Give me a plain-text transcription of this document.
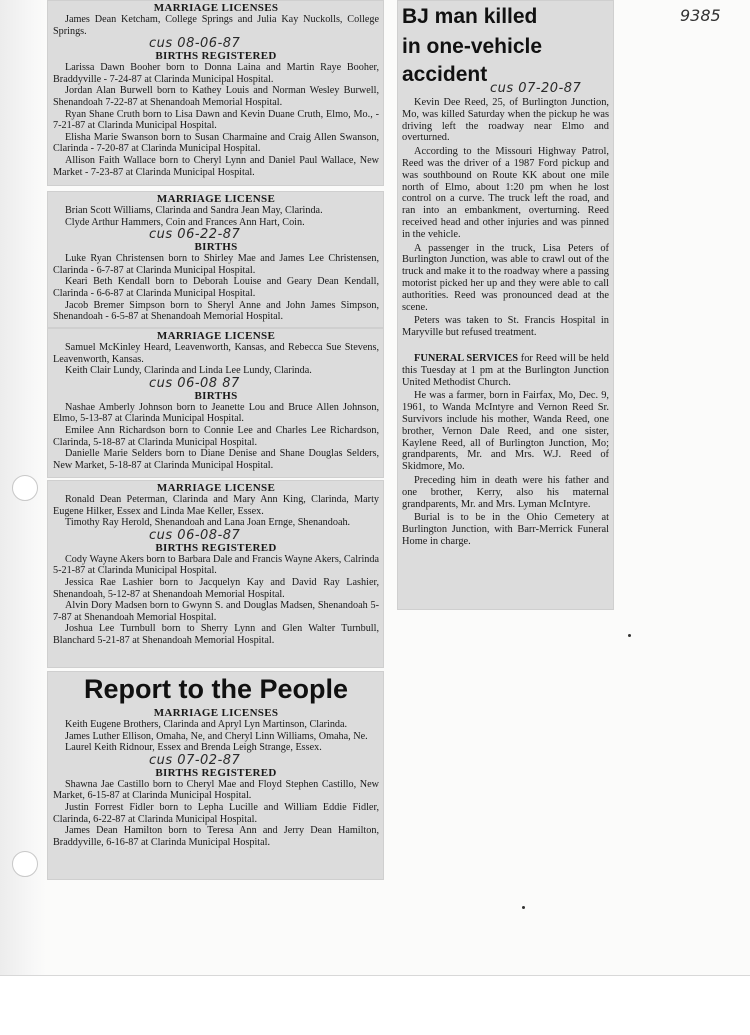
9385

MARRIAGE LICENSES

James Dean Ketcham, College Springs and Julia Kay Nuckolls, College Springs.

cus 08-06-87

BIRTHS REGISTERED

Larissa Dawn Booher born to Donna Laina and Martin Raye Booher, Braddyville - 7-24-87 at Clarinda Municipal Hospital.

Jordan Alan Burwell born to Kathey Louis and Norman Wesley Burwell, Shenandoah 7-22-87 at Shenandoah Memorial Hospital.

Ryan Shane Cruth born to Lisa Dawn and Kevin Duane Cruth, Elmo, Mo., - 7-21-87 at Clarinda Municipal Hospital.

Elisha Marie Swanson born to Susan Charmaine and Craig Allen Swanson, Clarinda - 7-20-87 at Clarinda Municipal Hospital.

Allison Faith Wallace born to Cheryl Lynn and Daniel Paul Wallace, New Market - 7-23-87 at Clarinda Municipal Hospital.

MARRIAGE LICENSE

Brian Scott Williams, Clarinda and Sandra Jean May, Clarinda.

Clyde Arthur Hammers, Coin and Frances Ann Hart, Coin.

cus 06-22-87

BIRTHS

Luke Ryan Christensen born to Shirley Mae and James Lee Christensen, Clarinda - 6-7-87 at Clarinda Municipal Hospital.

Keari Beth Kendall born to Deborah Louise and Geary Dean Kendall, Clarinda - 6-6-87 at Clarinda Municipal Hospital.

Jacob Bremer Simpson born to Sheryl Anne and John James Simpson, Shenandoah - 6-5-87 at Shenandoah Memorial Hospital.

MARRIAGE LICENSE

Samuel McKinley Heard, Leavenworth, Kansas, and Rebecca Sue Stevens, Leavenworth, Kansas.

Keith Clair Lundy, Clarinda and Linda Lee Lundy, Clarinda.

cus 06-08 87

BIRTHS

Nashae Amberly Johnson born to Jeanette Lou and Bruce Allen Johnson, Elmo, 5-13-87 at Clarinda Municipal Hospital.

Emilee Ann Richardson born to Connie Lee and Charles Lee Richardson, Clarinda, 5-18-87 at Clarinda Municipal Hospital.

Danielle Marie Selders born to Diane Denise and Shane Douglas Selders, New Market, 5-18-87 at Clarinda Municipal Hospital.

MARRIAGE LICENSE

Ronald Dean Peterman, Clarinda and Mary Ann King, Clarinda, Marty Eugene Hilker, Essex and Linda Mae Keller, Essex.

Timothy Ray Herold, Shenandoah and Lana Joan Ernge, Shenandoah.

cus 06-08-87

BIRTHS REGISTERED

Cody Wayne Akers born to Barbara Dale and Francis Wayne Akers, Calrinda 5-21-87 at Clarinda Municipal Hospital.

Jessica Rae Lashier born to Jacquelyn Kay and David Ray Lashier, Shenandoah, 5-12-87 at Shenandoah Memorial Hospital.

Alvin Dory Madsen born to Gwynn S. and Douglas Madsen, Shenandoah 5-7-87 at Shenandoah Memorial Hospital.

Joshua Lee Turnbull born to Sherry Lynn and Glen Walter Turnbull, Blanchard 5-21-87 at Shenandoah Memorial Hospital.

Report to the People

MARRIAGE LICENSES

Keith Eugene Brothers, Clarinda and Apryl Lyn Martinson, Clarinda.

James Luther Ellison, Omaha, Ne, and Cheryl Linn Williams, Omaha, Ne.

Laurel Keith Ridnour, Essex and Brenda Leigh Strange, Essex.

cus 07-02-87

BIRTHS REGISTERED

Shawna Jae Castillo born to Cheryl Mae and Floyd Stephen Castillo, New Market, 6-15-87 at Clarinda Municipal Hospital.

Justin Forrest Fidler born to Lepha Lucille and William Eddie Fidler, Clarinda, 6-22-87 at Clarinda Municipal Hospital.

James Dean Hamilton born to Teresa Ann and Jerry Dean Hamilton, Braddyville, 6-16-87 at Clarinda Municipal Hospital.

BJ man killed

in one-vehicle

accident

cus 07-20-87

Kevin Dee Reed, 25, of Burlington Junction, Mo, was killed Saturday when the pickup he was driving left the roadway near Elmo and overturned.

According to the Missouri Highway Patrol, Reed was the driver of a 1987 Ford pickup and was southbound on Route KK about one mile north of Elmo, about 1:20 pm when he lost control on a curve. The truck left the road, and ran into an embankment, overturning. Reed received head and other injuries and was pinned in the vehicle.

A passenger in the truck, Lisa Peters of Burlington Junction, was able to crawl out of the truck and make it to the roadway where a passing motorist picked her up and they were able to call authorities. Reed was pronounced dead at the scene.

Peters was taken to St. Francis Hospital in Maryville but refused treatment.

FUNERAL SERVICES for Reed will be held this Tuesday at 1 pm at the Burlington Junction United Methodist Church.

He was a farmer, born in Fairfax, Mo, Dec. 9, 1961, to Wanda McIntyre and Vernon Reed Sr. Survivors include his mother, Wanda Reed, one brother, Vernon Dale Reed, and one sister, Kaylene Reed, all of Burlington Junction, Mo; grandparents, Mr. and Mrs. W.J. Reed of Skidmore, Mo.

Preceding him in death were his father and one brother, Kerry, also his maternal grandparents, Mr. and Mrs. Lyman McIntyre.

Burial is to be in the Ohio Cemetery at Burlington Junction, with Barr-Merrick Funeral Home in charge.
